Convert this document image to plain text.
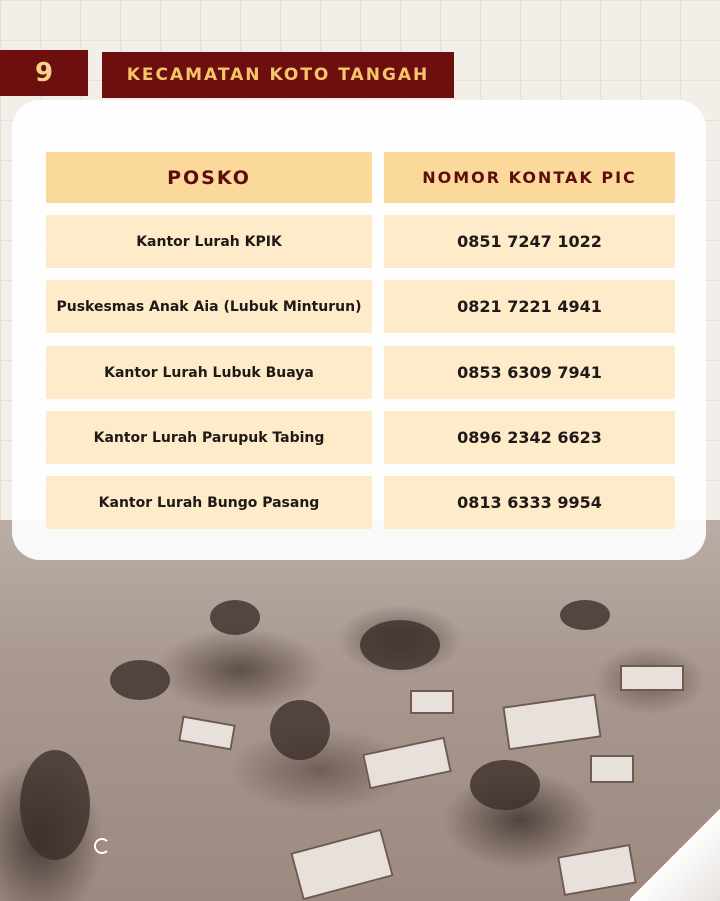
9	KECAMATAN KOTO TANGAH
POSKO	NOMOR KONTAK PIC
Kantor Lurah KPIK	0851 7247 1022
Puskesmas Anak Aia (Lubuk Minturun)	0821 7221 4941
Kantor Lurah Lubuk Buaya	0853 6309 7941
Kantor Lurah Parupuk Tabing	0896 2342 6623
Kantor Lurah Bungo Pasang	0813 6333 9954
